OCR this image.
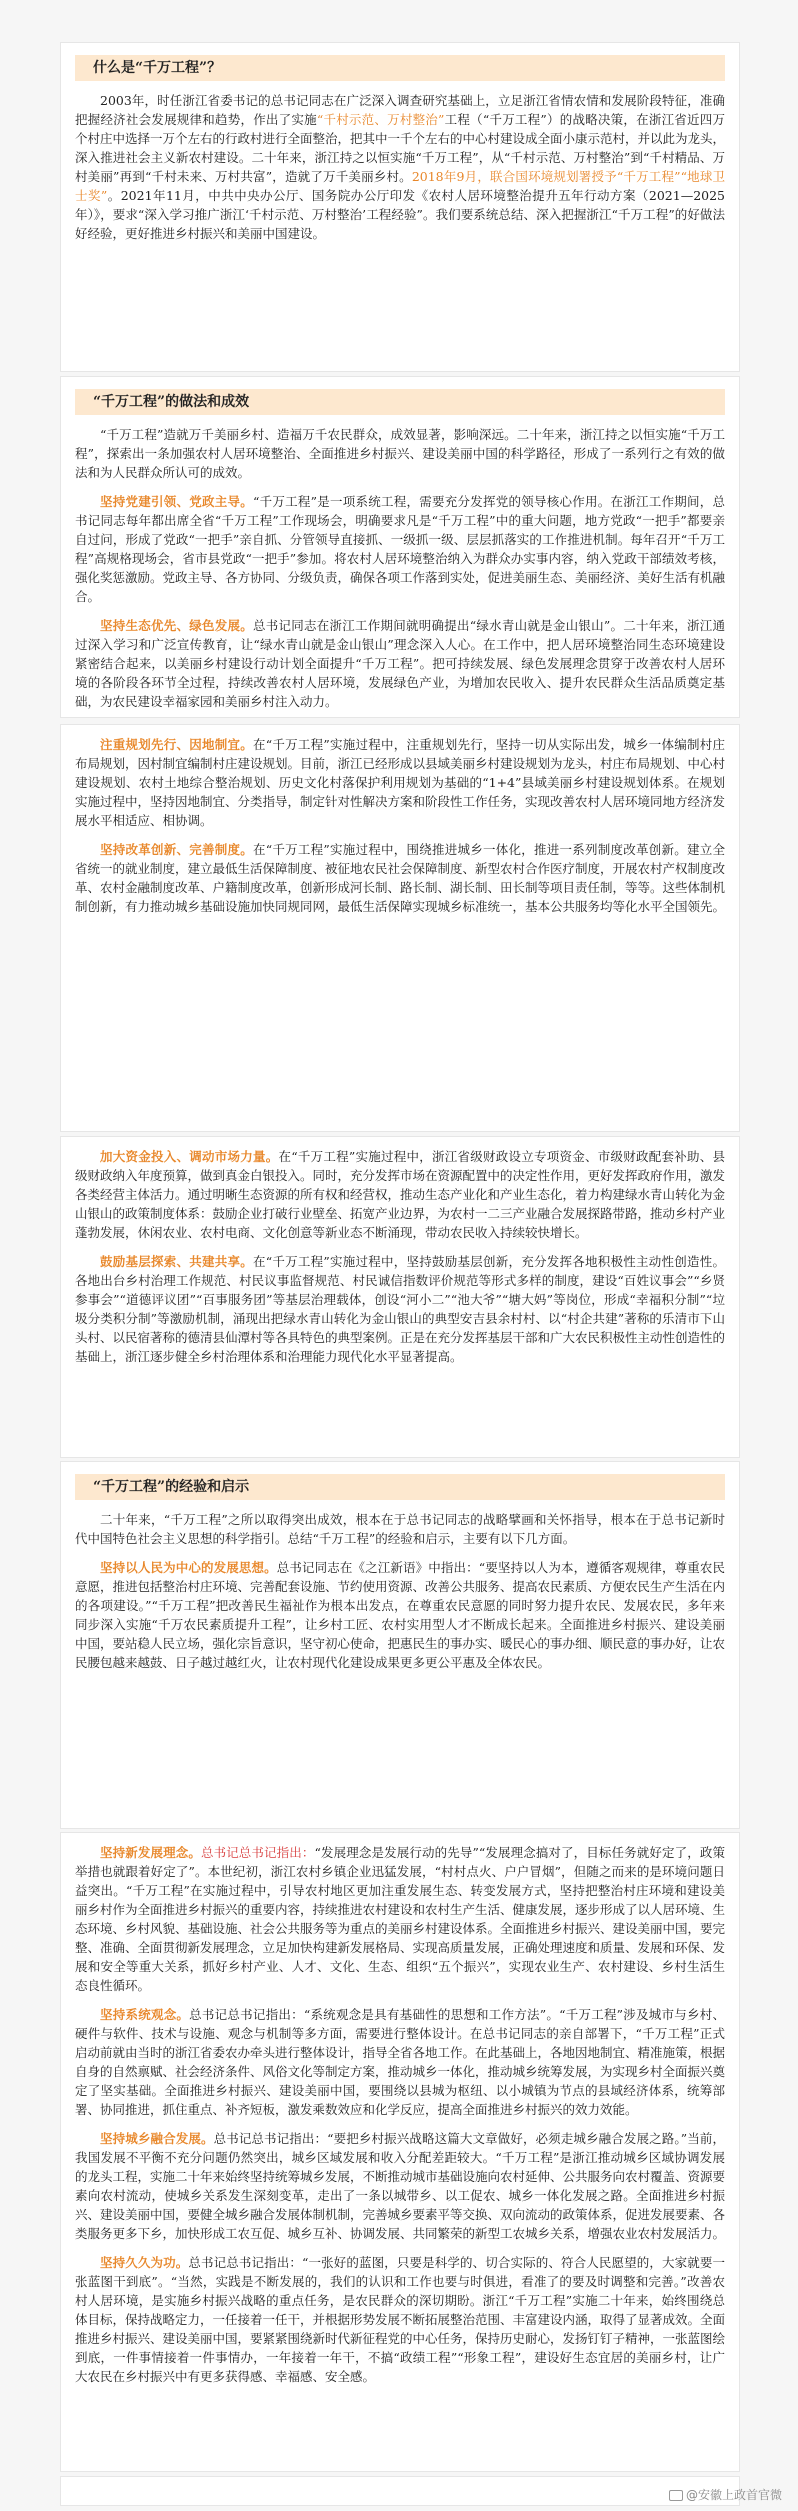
什么是“千万工程”？

2003年，时任浙江省委书记的总书记同志在广泛深入调查研究基础上，立足浙江省情农情和发展阶段特征，准确把握经济社会发展规律和趋势，作出了实施“千村示范、万村整治”工程（“千万工程”）的战略决策，在浙江省近四万个村庄中选择一万个左右的行政村进行全面整治，把其中一千个左右的中心村建设成全面小康示范村，并以此为龙头，深入推进社会主义新农村建设。二十年来，浙江持之以恒实施“千万工程”，从“千村示范、万村整治”到“千村精品、万村美丽”再到“千村未来、万村共富”，造就了万千美丽乡村。2018年9月，联合国环境规划署授予“千万工程”“地球卫士奖”。2021年11月，中共中央办公厅、国务院办公厅印发《农村人居环境整治提升五年行动方案（2021—2025年）》，要求“深入学习推广浙江‘千村示范、万村整治’工程经验”。我们要系统总结、深入把握浙江“千万工程”的好做法好经验，更好推进乡村振兴和美丽中国建设。

“千万工程”的做法和成效

“千万工程”造就万千美丽乡村、造福万千农民群众，成效显著，影响深远。二十年来，浙江持之以恒实施“千万工程”，探索出一条加强农村人居环境整治、全面推进乡村振兴、建设美丽中国的科学路径，形成了一系列行之有效的做法和为人民群众所认可的成效。

坚持党建引领、党政主导。“千万工程”是一项系统工程，需要充分发挥党的领导核心作用。在浙江工作期间，总书记同志每年都出席全省“千万工程”工作现场会，明确要求凡是“千万工程”中的重大问题，地方党政“一把手”都要亲自过问，形成了党政“一把手”亲自抓、分管领导直接抓、一级抓一级、层层抓落实的工作推进机制。每年召开“千万工程”高规格现场会，省市县党政“一把手”参加。将农村人居环境整治纳入为群众办实事内容，纳入党政干部绩效考核，强化奖惩激励。党政主导、各方协同、分级负责，确保各项工作落到实处，促进美丽生态、美丽经济、美好生活有机融合。

坚持生态优先、绿色发展。总书记同志在浙江工作期间就明确提出“绿水青山就是金山银山”。二十年来，浙江通过深入学习和广泛宣传教育，让“绿水青山就是金山银山”理念深入人心。在工作中，把人居环境整治同生态环境建设紧密结合起来，以美丽乡村建设行动计划全面提升“千万工程”。把可持续发展、绿色发展理念贯穿于改善农村人居环境的各阶段各环节全过程，持续改善农村人居环境，发展绿色产业，为增加农民收入、提升农民群众生活品质奠定基础，为农民建设幸福家园和美丽乡村注入动力。

注重规划先行、因地制宜。在“千万工程”实施过程中，注重规划先行，坚持一切从实际出发，城乡一体编制村庄布局规划，因村制宜编制村庄建设规划。目前，浙江已经形成以县域美丽乡村建设规划为龙头，村庄布局规划、中心村建设规划、农村土地综合整治规划、历史文化村落保护利用规划为基础的“1+4”县域美丽乡村建设规划体系。在规划实施过程中，坚持因地制宜、分类指导，制定针对性解决方案和阶段性工作任务，实现改善农村人居环境同地方经济发展水平相适应、相协调。

坚持改革创新、完善制度。在“千万工程”实施过程中，围绕推进城乡一体化，推进一系列制度改革创新。建立全省统一的就业制度，建立最低生活保障制度、被征地农民社会保障制度、新型农村合作医疗制度，开展农村产权制度改革、农村金融制度改革、户籍制度改革，创新形成河长制、路长制、湖长制、田长制等项目责任制，等等。这些体制机制创新，有力推动城乡基础设施加快同规同网，最低生活保障实现城乡标准统一，基本公共服务均等化水平全国领先。

加大资金投入、调动市场力量。在“千万工程”实施过程中，浙江省级财政设立专项资金、市级财政配套补助、县级财政纳入年度预算，做到真金白银投入。同时，充分发挥市场在资源配置中的决定性作用，更好发挥政府作用，激发各类经营主体活力。通过明晰生态资源的所有权和经营权，推动生态产业化和产业生态化，着力构建绿水青山转化为金山银山的政策制度体系：鼓励企业打破行业壁垒、拓宽产业边界，为农村一二三产业融合发展探路带路，推动乡村产业蓬勃发展，休闲农业、农村电商、文化创意等新业态不断涌现，带动农民收入持续较快增长。

鼓励基层探索、共建共享。在“千万工程”实施过程中，坚持鼓励基层创新，充分发挥各地积极性主动性创造性。各地出台乡村治理工作规范、村民议事监督规范、村民诚信指数评价规范等形式多样的制度，建设“百姓议事会”“乡贤参事会”“道德评议团”“百事服务团”等基层治理载体，创设“河小二”“池大爷”“塘大妈”等岗位，形成“幸福积分制”“垃圾分类积分制”等激励机制，涌现出把绿水青山转化为金山银山的典型安吉县余村村、以“村企共建”著称的乐清市下山头村、以民宿著称的德清县仙潭村等各具特色的典型案例。正是在充分发挥基层干部和广大农民积极性主动性创造性的基础上，浙江逐步健全乡村治理体系和治理能力现代化水平显著提高。

“千万工程”的经验和启示

二十年来，“千万工程”之所以取得突出成效，根本在于总书记同志的战略擘画和关怀指导，根本在于总书记新时代中国特色社会主义思想的科学指引。总结“千万工程”的经验和启示，主要有以下几方面。

坚持以人民为中心的发展思想。总书记同志在《之江新语》中指出：“要坚持以人为本，遵循客观规律，尊重农民意愿，推进包括整治村庄环境、完善配套设施、节约使用资源、改善公共服务、提高农民素质、方便农民生产生活在内的各项建设。”“千万工程”把改善民生福祉作为根本出发点，在尊重农民意愿的同时努力提升农民、发展农民，多年来同步深入实施“千万农民素质提升工程”，让乡村工匠、农村实用型人才不断成长起来。全面推进乡村振兴、建设美丽中国，要站稳人民立场，强化宗旨意识，坚守初心使命，把惠民生的事办实、暖民心的事办细、顺民意的事办好，让农民腰包越来越鼓、日子越过越红火，让农村现代化建设成果更多更公平惠及全体农民。

坚持新发展理念。总书记总书记指出：“发展理念是发展行动的先导”“发展理念搞对了，目标任务就好定了，政策举措也就跟着好定了”。本世纪初，浙江农村乡镇企业迅猛发展，“村村点火、户户冒烟”，但随之而来的是环境问题日益突出。“千万工程”在实施过程中，引导农村地区更加注重发展生态、转变发展方式，坚持把整治村庄环境和建设美丽乡村作为全面推进乡村振兴的重要内容，持续推进农村建设和农村生产生活、健康发展，逐步形成了以人居环境、生态环境、乡村风貌、基础设施、社会公共服务等为重点的美丽乡村建设体系。全面推进乡村振兴、建设美丽中国，要完整、准确、全面贯彻新发展理念，立足加快构建新发展格局、实现高质量发展，正确处理速度和质量、发展和环保、发展和安全等重大关系，抓好乡村产业、人才、文化、生态、组织“五个振兴”，实现农业生产、农村建设、乡村生活生态良性循环。

坚持系统观念。总书记总书记指出：“系统观念是具有基础性的思想和工作方法”。“千万工程”涉及城市与乡村、硬件与软件、技术与设施、观念与机制等多方面，需要进行整体设计。在总书记同志的亲自部署下，“千万工程”正式启动前就由当时的浙江省委农办牵头进行整体设计，指导全省各地工作。在此基础上，各地因地制宜、精准施策，根据自身的自然禀赋、社会经济条件、风俗文化等制定方案，推动城乡一体化，推动城乡统筹发展，为实现乡村全面振兴奠定了坚实基础。全面推进乡村振兴、建设美丽中国，要围绕以县城为枢纽、以小城镇为节点的县域经济体系，统筹部署、协同推进，抓住重点、补齐短板，激发乘数效应和化学反应，提高全面推进乡村振兴的效力效能。

坚持城乡融合发展。总书记总书记指出：“要把乡村振兴战略这篇大文章做好，必须走城乡融合发展之路。”当前，我国发展不平衡不充分问题仍然突出，城乡区域发展和收入分配差距较大。“千万工程”是浙江推动城乡区域协调发展的龙头工程，实施二十年来始终坚持统筹城乡发展，不断推动城市基础设施向农村延伸、公共服务向农村覆盖、资源要素向农村流动，使城乡关系发生深刻变革，走出了一条以城带乡、以工促农、城乡一体化发展之路。全面推进乡村振兴、建设美丽中国，要健全城乡融合发展体制机制，完善城乡要素平等交换、双向流动的政策体系，促进发展要素、各类服务更多下乡，加快形成工农互促、城乡互补、协调发展、共同繁荣的新型工农城乡关系，增强农业农村发展活力。

坚持久久为功。总书记总书记指出：“一张好的蓝图，只要是科学的、切合实际的、符合人民愿望的，大家就要一张蓝图干到底”。“当然，实践是不断发展的，我们的认识和工作也要与时俱进，看准了的要及时调整和完善。”改善农村人居环境，是实施乡村振兴战略的重点任务，是农民群众的深切期盼。浙江“千万工程”实施二十年来，始终围绕总体目标，保持战略定力，一任接着一任干，并根据形势发展不断拓展整治范围、丰富建设内涵，取得了显著成效。全面推进乡村振兴、建设美丽中国，要紧紧围绕新时代新征程党的中心任务，保持历史耐心，发扬钉钉子精神，一张蓝图绘到底，一件事情接着一件事情办，一年接着一年干，不搞“政绩工程”“形象工程”，建设好生态宜居的美丽乡村，让广大农民在乡村振兴中有更多获得感、幸福感、安全感。

@安徽上政首官微
